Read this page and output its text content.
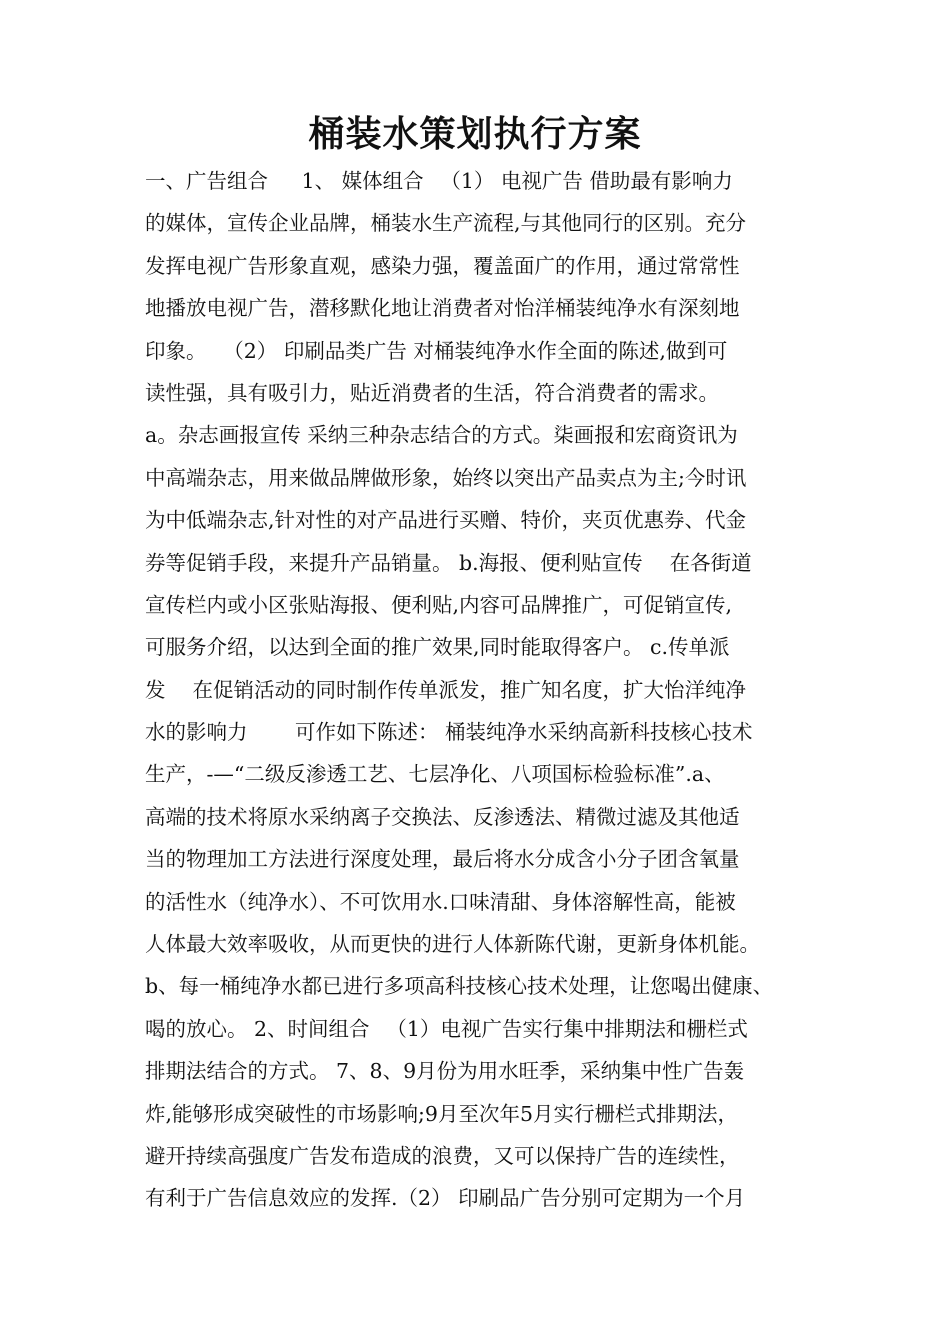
桶装水策划执行方案
一、广告组合　  1、 媒体组合 　（1） 电视广告 借助最有影响力
的媒体，宣传企业品牌，桶装水生产流程,与其他同行的区别。充分
发挥电视广告形象直观，感染力强，覆盖面广的作用，通过常常性
地播放电视广告，潜移默化地让消费者对怡洋桶装纯净水有深刻地
印象。 　（2） 印刷品类广告 对桶装纯净水作全面的陈述,做到可
读性强，具有吸引力，贴近消费者的生活，符合消费者的需求。
a。杂志画报宣传 采纳三种杂志结合的方式。柒画报和宏商资讯为
中高端杂志，用来做品牌做形象，始终以突出产品卖点为主;今时讯
为中低端杂志,针对性的对产品进行买赠、特价，夹页优惠券、代金
券等促销手段，来提升产品销量。 b.海报、便利贴宣传 　在各街道
宣传栏内或小区张贴海报、便利贴,内容可品牌推广，可促销宣传,
可服务介绍，以达到全面的推广效果,同时能取得客户。 c.传单派
发 　在促销活动的同时制作传单派发，推广知名度，扩大怡洋纯净
水的影响力 　　可作如下陈述： 桶装纯净水采纳高新科技核心技术
生产，-—“二级反渗透工艺、七层净化、八项国标检验标准”.a、
高端的技术将原水采纳离子交换法、反渗透法、精微过滤及其他适
当的物理加工方法进行深度处理，最后将水分成含小分子团含氧量
的活性水（纯净水）、不可饮用水.口味清甜、身体溶解性高，能被
人体最大效率吸收，从而更快的进行人体新陈代谢，更新身体机能。
b、每一桶纯净水都已进行多项高科技核心技术处理，让您喝出健康、
喝的放心。 2、时间组合 　（1）电视广告实行集中排期法和栅栏式
排期法结合的方式。 7、8、9月份为用水旺季，采纳集中性广告轰
炸,能够形成突破性的市场影响;9月至次年5月实行栅栏式排期法，
避开持续高强度广告发布造成的浪费，又可以保持广告的连续性，
有利于广告信息效应的发挥.（2） 印刷品广告分别可定期为一个月
